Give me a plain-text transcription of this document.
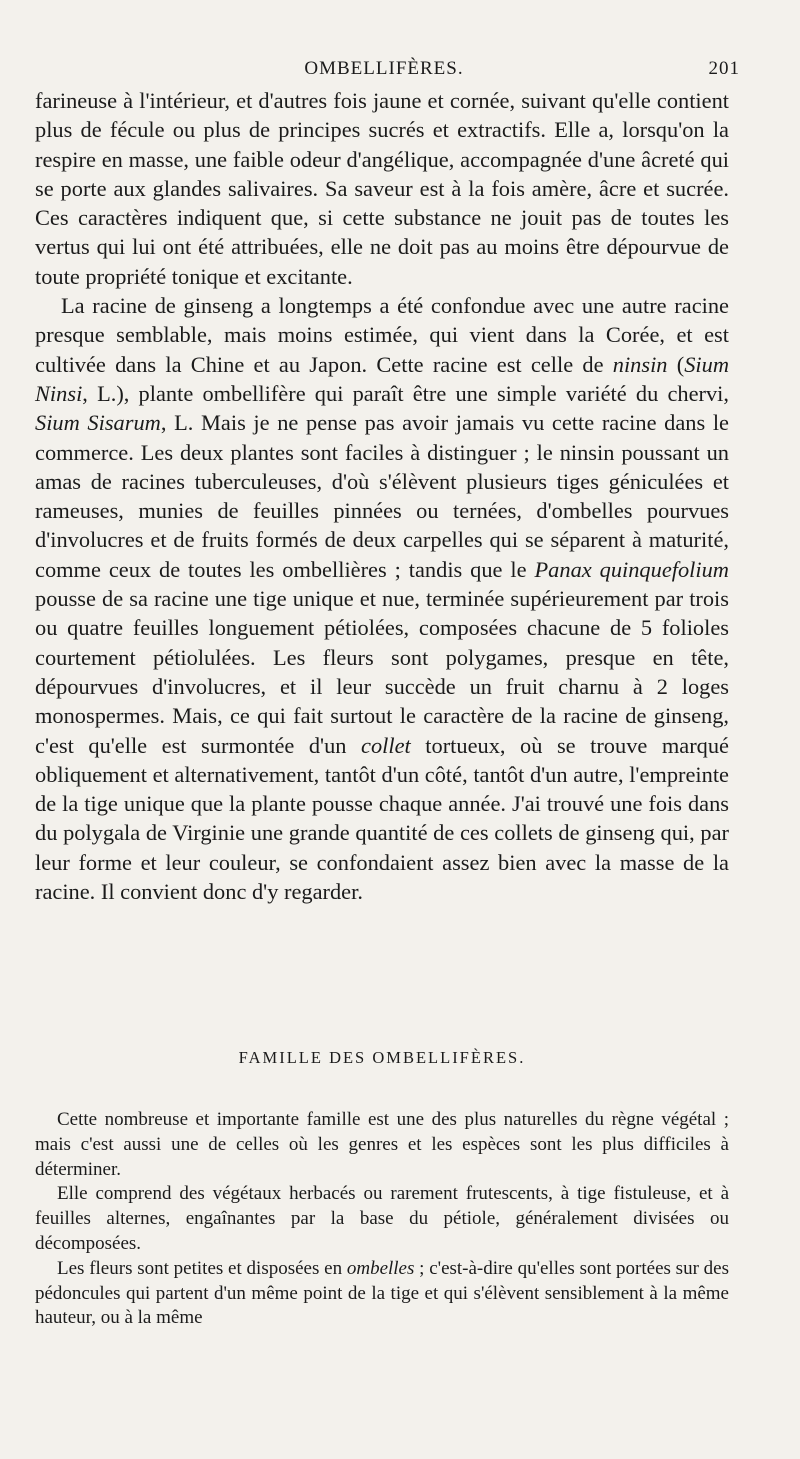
OMBELLIFÈRES.	201

farineuse à l'intérieur, et d'autres fois jaune et cornée, suivant qu'elle contient plus de fécule ou plus de principes sucrés et extractifs. Elle a, lorsqu'on la respire en masse, une faible odeur d'angélique, accompagnée d'une âcreté qui se porte aux glandes salivaires. Sa saveur est à la fois amère, âcre et sucrée. Ces caractères indiquent que, si cette substance ne jouit pas de toutes les vertus qui lui ont été attribuées, elle ne doit pas au moins être dépourvue de toute propriété tonique et excitante.

La racine de ginseng a longtemps a été confondue avec une autre racine presque semblable, mais moins estimée, qui vient dans la Corée, et est cultivée dans la Chine et au Japon. Cette racine est celle de ninsin (Sium Ninsi, L.), plante ombellifère qui paraît être une simple variété du chervi, Sium Sisarum, L. Mais je ne pense pas avoir jamais vu cette racine dans le commerce. Les deux plantes sont faciles à distinguer ; le ninsin poussant un amas de racines tuberculeuses, d'où s'élèvent plusieurs tiges géniculées et rameuses, munies de feuilles pinnées ou ternées, d'ombelles pourvues d'involucres et de fruits formés de deux carpelles qui se séparent à maturité, comme ceux de toutes les ombellières ; tandis que le Panax quinquefolium pousse de sa racine une tige unique et nue, terminée supérieurement par trois ou quatre feuilles longuement pétiolées, composées chacune de 5 folioles courtement pétiolulées. Les fleurs sont polygames, presque en tête, dépourvues d'involucres, et il leur succède un fruit charnu à 2 loges monospermes. Mais, ce qui fait surtout le caractère de la racine de ginseng, c'est qu'elle est surmontée d'un collet tortueux, où se trouve marqué obliquement et alternativement, tantôt d'un côté, tantôt d'un autre, l'empreinte de la tige unique que la plante pousse chaque année. J'ai trouvé une fois dans du polygala de Virginie une grande quantité de ces collets de ginseng qui, par leur forme et leur couleur, se confondaient assez bien avec la masse de la racine. Il convient donc d'y regarder.

FAMILLE DES OMBELLIFÈRES.

Cette nombreuse et importante famille est une des plus naturelles du règne végétal ; mais c'est aussi une de celles où les genres et les espèces sont les plus difficiles à déterminer.

Elle comprend des végétaux herbacés ou rarement frutescents, à tige fistuleuse, et à feuilles alternes, engaînantes par la base du pétiole, généralement divisées ou décomposées.

Les fleurs sont petites et disposées en ombelles ; c'est-à-dire qu'elles sont portées sur des pédoncules qui partent d'un même point de la tige et qui s'élèvent sensiblement à la même hauteur, ou à la même
